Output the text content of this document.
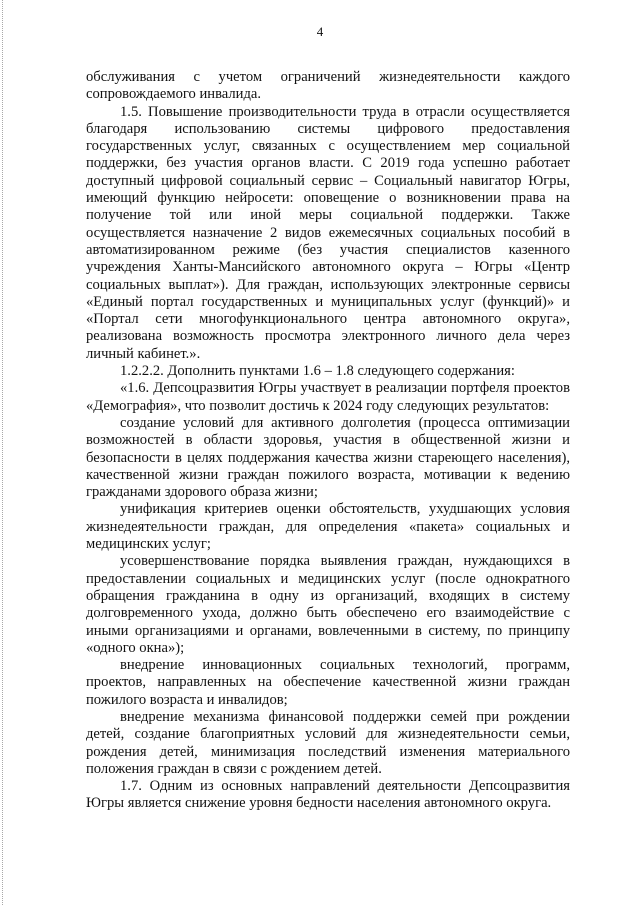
4

обслуживания с учетом ограничений жизнедеятельности каждого сопровождаемого инвалида.

1.5. Повышение производительности труда в отрасли осуществляется благодаря использованию системы цифрового предоставления государственных услуг, связанных с осуществлением мер социальной поддержки, без участия органов власти. С 2019 года успешно работает доступный цифровой социальный сервис – Социальный навигатор Югры, имеющий функцию нейросети: оповещение о возникновении права на получение той или иной меры социальной поддержки. Также осуществляется назначение 2 видов ежемесячных социальных пособий в автоматизированном режиме (без участия специалистов казенного учреждения Ханты-Мансийского автономного округа – Югры «Центр социальных выплат»). Для граждан, использующих электронные сервисы «Единый портал государственных и муниципальных услуг (функций)» и «Портал сети многофункционального центра автономного округа», реализована возможность просмотра электронного личного дела через личный кабинет.».

1.2.2.2. Дополнить пунктами 1.6 – 1.8 следующего содержания:

«1.6. Депсоцразвития Югры участвует в реализации портфеля проектов «Демография», что позволит достичь к 2024 году следующих результатов:

создание условий для активного долголетия (процесса оптимизации возможностей в области здоровья, участия в общественной жизни и безопасности в целях поддержания качества жизни стареющего населения), качественной жизни граждан пожилого возраста, мотивации к ведению гражданами здорового образа жизни;

унификация критериев оценки обстоятельств, ухудшающих условия жизнедеятельности граждан, для определения «пакета» социальных и медицинских услуг;

усовершенствование порядка выявления граждан, нуждающихся в предоставлении социальных и медицинских услуг (после однократного обращения гражданина в одну из организаций, входящих в систему долговременного ухода, должно быть обеспечено его взаимодействие с иными организациями и органами, вовлеченными в систему, по принципу «одного окна»);

внедрение инновационных социальных технологий, программ, проектов, направленных на обеспечение качественной жизни граждан пожилого возраста и инвалидов;

внедрение механизма финансовой поддержки семей при рождении детей, создание благоприятных условий для жизнедеятельности семьи, рождения детей, минимизация последствий изменения материального положения граждан в связи с рождением детей.

1.7. Одним из основных направлений деятельности Депсоцразвития Югры является снижение уровня бедности населения автономного округа.
